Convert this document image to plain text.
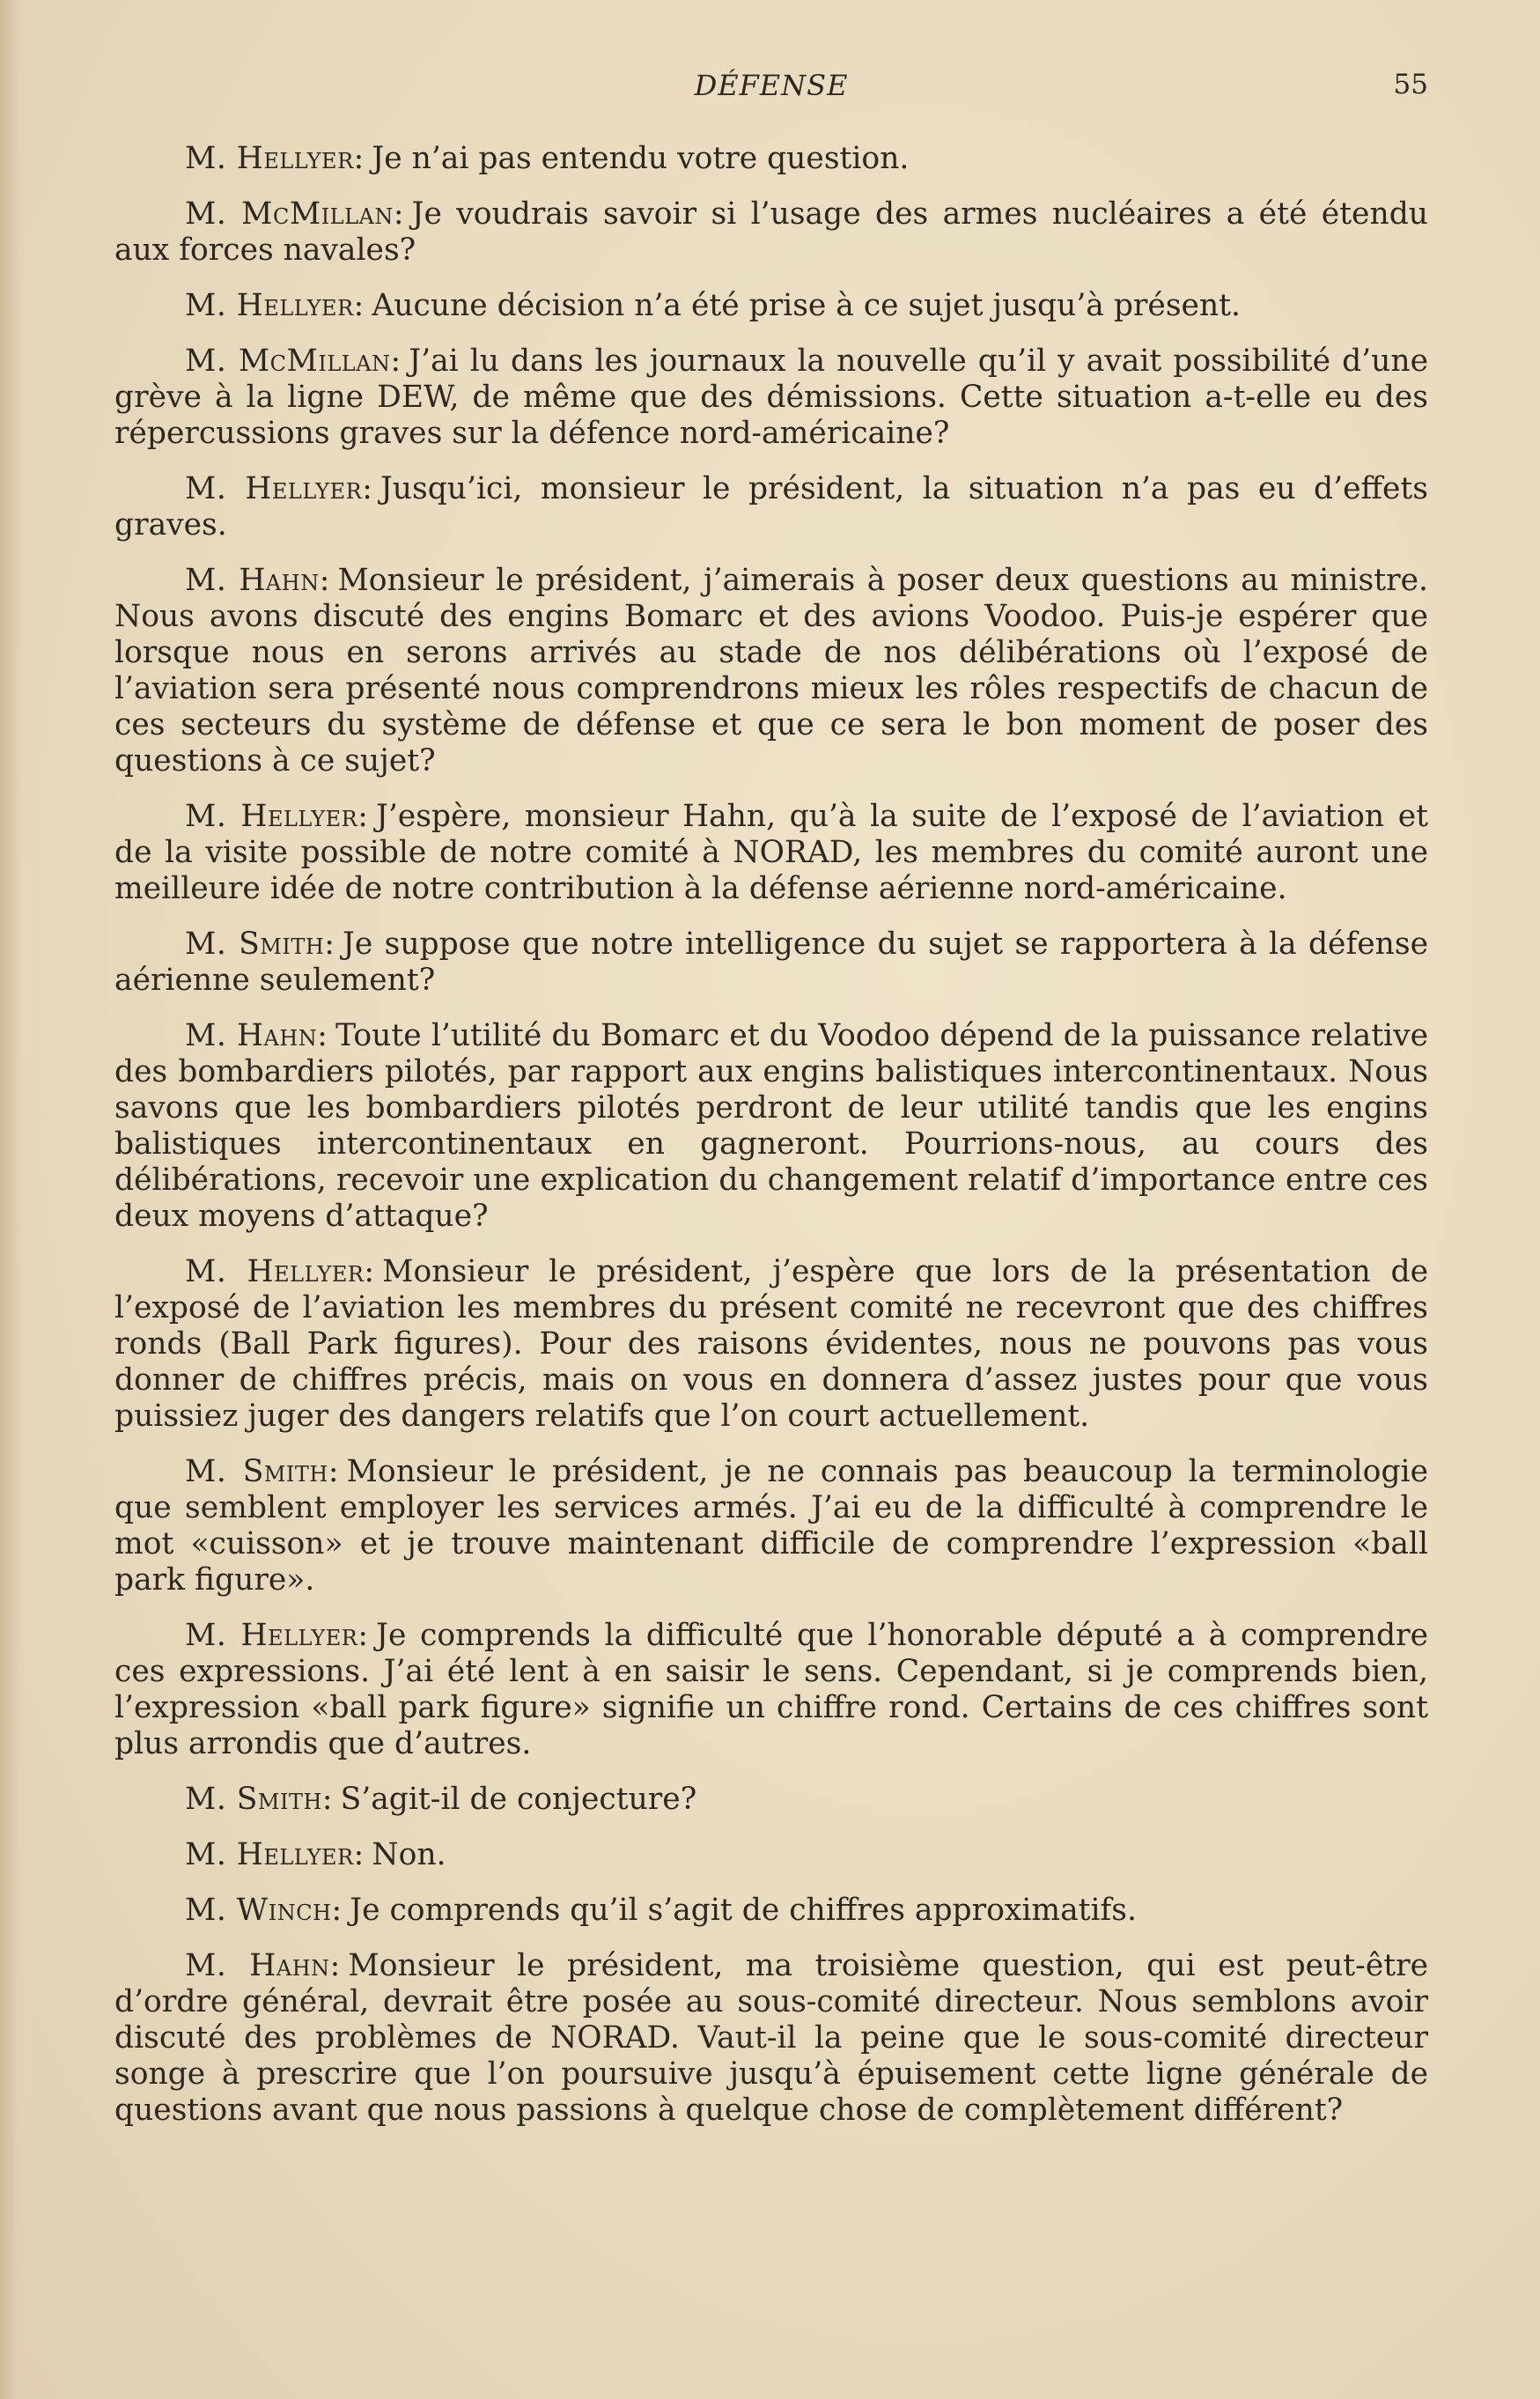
DÉFENSE	55

M. Hellyer: Je n’ai pas entendu votre question.

M. McMillan: Je voudrais savoir si l’usage des armes nucléaires a été étendu aux forces navales?

M. Hellyer: Aucune décision n’a été prise à ce sujet jusqu’à présent.

M. McMillan: J’ai lu dans les journaux la nouvelle qu’il y avait possibilité d’une grève à la ligne DEW, de même que des démissions. Cette situation a-t-elle eu des répercussions graves sur la défence nord-américaine?

M. Hellyer: Jusqu’ici, monsieur le président, la situation n’a pas eu d’effets graves.

M. Hahn: Monsieur le président, j’aimerais à poser deux questions au ministre. Nous avons discuté des engins Bomarc et des avions Voodoo. Puis-je espérer que lorsque nous en serons arrivés au stade de nos délibérations où l’exposé de l’aviation sera présenté nous comprendrons mieux les rôles respectifs de chacun de ces secteurs du système de défense et que ce sera le bon moment de poser des questions à ce sujet?

M. Hellyer: J’espère, monsieur Hahn, qu’à la suite de l’exposé de l’aviation et de la visite possible de notre comité à NORAD, les membres du comité auront une meilleure idée de notre contribution à la défense aérienne nord-américaine.

M. Smith: Je suppose que notre intelligence du sujet se rapportera à la défense aérienne seulement?

M. Hahn: Toute l’utilité du Bomarc et du Voodoo dépend de la puissance relative des bombardiers pilotés, par rapport aux engins balistiques intercontinentaux. Nous savons que les bombardiers pilotés perdront de leur utilité tandis que les engins balistiques intercontinentaux en gagneront. Pourrions-nous, au cours des délibérations, recevoir une explication du changement relatif d’importance entre ces deux moyens d’attaque?

M. Hellyer: Monsieur le président, j’espère que lors de la présentation de l’exposé de l’aviation les membres du présent comité ne recevront que des chiffres ronds (Ball Park figures). Pour des raisons évidentes, nous ne pouvons pas vous donner de chiffres précis, mais on vous en donnera d’assez justes pour que vous puissiez juger des dangers relatifs que l’on court actuellement.

M. Smith: Monsieur le président, je ne connais pas beaucoup la terminologie que semblent employer les services armés. J’ai eu de la difficulté à comprendre le mot «cuisson» et je trouve maintenant difficile de comprendre l’expression «ball park figure».

M. Hellyer: Je comprends la difficulté que l’honorable député a à comprendre ces expressions. J’ai été lent à en saisir le sens. Cependant, si je comprends bien, l’expression «ball park figure» signifie un chiffre rond. Certains de ces chiffres sont plus arrondis que d’autres.

M. Smith: S’agit-il de conjecture?

M. Hellyer: Non.

M. Winch: Je comprends qu’il s’agit de chiffres approximatifs.

M. Hahn: Monsieur le président, ma troisième question, qui est peut-être d’ordre général, devrait être posée au sous-comité directeur. Nous semblons avoir discuté des problèmes de NORAD. Vaut-il la peine que le sous-comité directeur songe à prescrire que l’on poursuive jusqu’à épuisement cette ligne générale de questions avant que nous passions à quelque chose de complètement différent?
